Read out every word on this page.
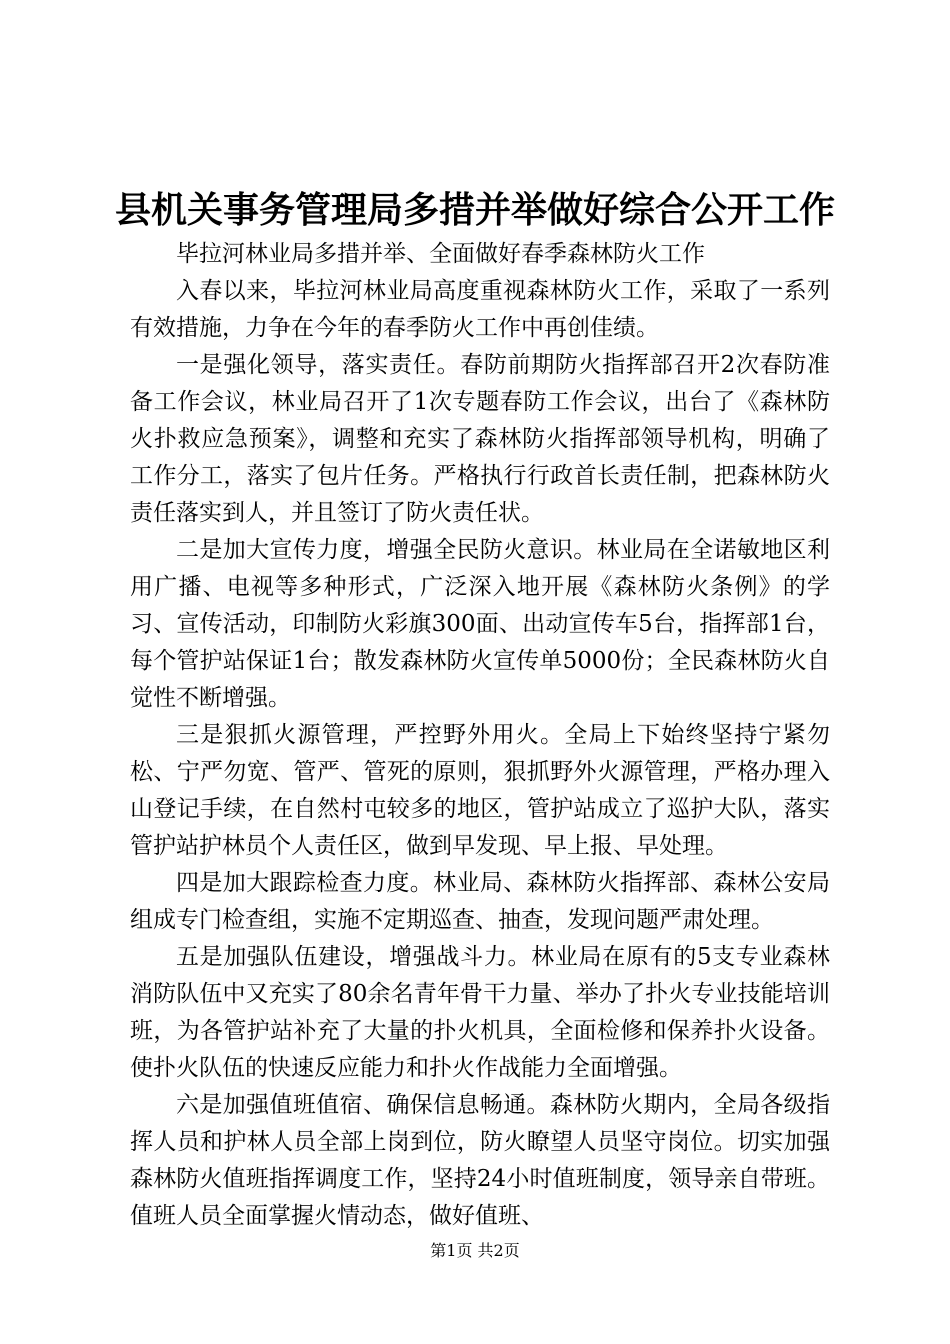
县机关事务管理局多措并举做好综合公开工作

毕拉河林业局多措并举、全面做好春季森林防火工作

入春以来，毕拉河林业局高度重视森林防火工作，采取了一系列有效措施，力争在今年的春季防火工作中再创佳绩。

一是强化领导，落实责任。春防前期防火指挥部召开2次春防准备工作会议，林业局召开了1次专题春防工作会议，出台了《森林防火扑救应急预案》，调整和充实了森林防火指挥部领导机构，明确了工作分工，落实了包片任务。严格执行行政首长责任制，把森林防火责任落实到人，并且签订了防火责任状。

二是加大宣传力度，增强全民防火意识。林业局在全诺敏地区利用广播、电视等多种形式，广泛深入地开展《森林防火条例》的学习、宣传活动，印制防火彩旗300面、出动宣传车5台，指挥部1台，每个管护站保证1台；散发森林防火宣传单5000份；全民森林防火自觉性不断增强。

三是狠抓火源管理，严控野外用火。全局上下始终坚持宁紧勿松、宁严勿宽、管严、管死的原则，狠抓野外火源管理，严格办理入山登记手续，在自然村屯较多的地区，管护站成立了巡护大队，落实管护站护林员个人责任区，做到早发现、早上报、早处理。

四是加大跟踪检查力度。林业局、森林防火指挥部、森林公安局组成专门检查组，实施不定期巡查、抽查，发现问题严肃处理。

五是加强队伍建设，增强战斗力。林业局在原有的5支专业森林消防队伍中又充实了80余名青年骨干力量、举办了扑火专业技能培训班，为各管护站补充了大量的扑火机具，全面检修和保养扑火设备。使扑火队伍的快速反应能力和扑火作战能力全面增强。

六是加强值班值宿、确保信息畅通。森林防火期内，全局各级指挥人员和护林人员全部上岗到位，防火瞭望人员坚守岗位。切实加强森林防火值班指挥调度工作，坚持24小时值班制度，领导亲自带班。值班人员全面掌握火情动态，做好值班、

第1页 共2页
